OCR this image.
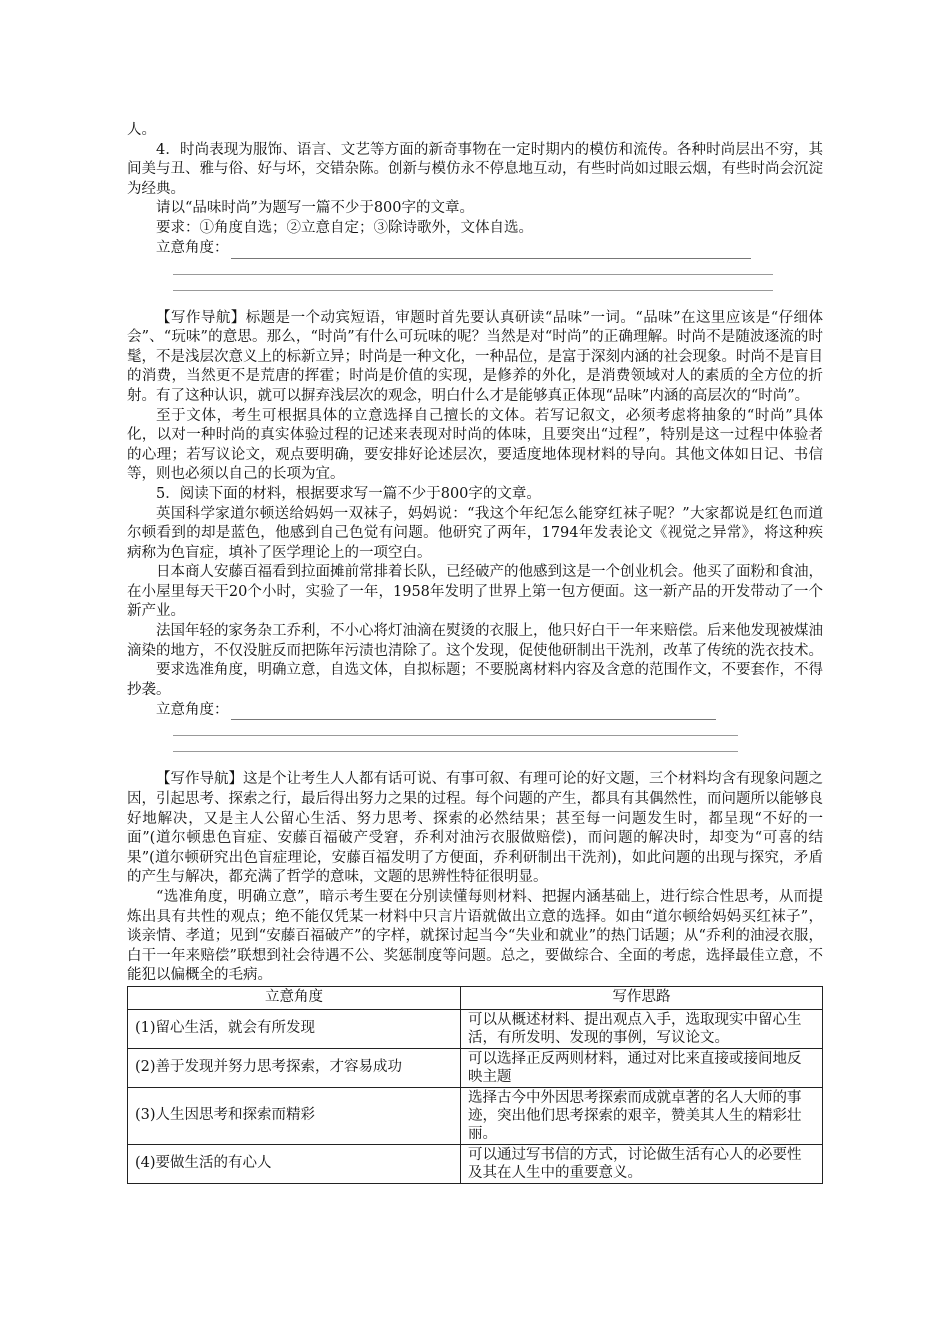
人。

4．时尚表现为服饰、语言、文艺等方面的新奇事物在一定时期内的模仿和流传。各种时尚层出不穷，其间美与丑、雅与俗、好与坏，交错杂陈。创新与模仿永不停息地互动，有些时尚如过眼云烟，有些时尚会沉淀为经典。

请以“品味时尚”为题写一篇不少于800字的文章。

要求：①角度自选；②立意自定；③除诗歌外，文体自选。

立意角度：

【写作导航】标题是一个动宾短语，审题时首先要认真研读“品味”一词。“品味”在这里应该是“仔细体会”、“玩味”的意思。那么，“时尚”有什么可玩味的呢？当然是对“时尚”的正确理解。时尚不是随波逐流的时髦，不是浅层次意义上的标新立异；时尚是一种文化，一种品位，是富于深刻内涵的社会现象。时尚不是盲目的消费，当然更不是荒唐的挥霍；时尚是价值的实现，是修养的外化，是消费领域对人的素质的全方位的折射。有了这种认识，就可以摒弃浅层次的观念，明白什么才是能够真正体现“品味”内涵的高层次的“时尚”。

至于文体，考生可根据具体的立意选择自己擅长的文体。若写记叙文，必须考虑将抽象的“时尚”具体化，以对一种时尚的真实体验过程的记述来表现对时尚的体味，且要突出“过程”，特别是这一过程中体验者的心理；若写议论文，观点要明确，要安排好论述层次，要适度地体现材料的导向。其他文体如日记、书信等，则也必须以自己的长项为宜。

5．阅读下面的材料，根据要求写一篇不少于800字的文章。

英国科学家道尔顿送给妈妈一双袜子，妈妈说：“我这个年纪怎么能穿红袜子呢？”大家都说是红色而道尔顿看到的却是蓝色，他感到自己色觉有问题。他研究了两年，1794年发表论文《视觉之异常》，将这种疾病称为色盲症，填补了医学理论上的一项空白。

日本商人安藤百福看到拉面摊前常排着长队，已经破产的他感到这是一个创业机会。他买了面粉和食油，在小屋里每天干20个小时，实验了一年，1958年发明了世界上第一包方便面。这一新产品的开发带动了一个新产业。

法国年轻的家务杂工乔利，不小心将灯油滴在熨烫的衣服上，他只好白干一年来赔偿。后来他发现被煤油滴染的地方，不仅没脏反而把陈年污渍也清除了。这个发现，促使他研制出干洗剂，改革了传统的洗衣技术。

要求选准角度，明确立意，自选文体，自拟标题；不要脱离材料内容及含意的范围作文，不要套作，不得抄袭。

立意角度：

【写作导航】这是个让考生人人都有话可说、有事可叙、有理可论的好文题，三个材料均含有现象问题之因，引起思考、探索之行，最后得出努力之果的过程。每个问题的产生，都具有其偶然性，而问题所以能够良好地解决，又是主人公留心生活、努力思考、探索的必然结果；甚至每一问题发生时，都呈现“不好的一面”(道尔顿患色盲症、安藤百福破产受窘，乔利对油污衣服做赔偿)，而问题的解决时，却变为“可喜的结果”(道尔顿研究出色盲症理论，安藤百福发明了方便面，乔利研制出干洗剂)，如此问题的出现与探究，矛盾的产生与解决，都充满了哲学的意味，文题的思辨性特征很明显。

“选准角度，明确立意”，暗示考生要在分别读懂每则材料、把握内涵基础上，进行综合性思考，从而提炼出具有共性的观点；绝不能仅凭某一材料中只言片语就做出立意的选择。如由“道尔顿给妈妈买红袜子”，谈亲情、孝道；见到“安藤百福破产”的字样，就探讨起当今“失业和就业”的热门话题；从“乔利的油浸衣服，白干一年来赔偿”联想到社会待遇不公、奖惩制度等问题。总之，要做综合、全面的考虑，选择最佳立意，不能犯以偏概全的毛病。

立意角度	写作思路
(1)留心生活，就会有所发现	可以从概述材料、提出观点入手，选取现实中留心生活，有所发明、发现的事例，写议论文。
(2)善于发现并努力思考探索，才容易成功	可以选择正反两则材料，通过对比来直接或接间地反映主题
(3)人生因思考和探索而精彩	选择古今中外因思考探索而成就卓著的名人大师的事迹，突出他们思考探索的艰辛，赞美其人生的精彩壮丽。
(4)要做生活的有心人	可以通过写书信的方式，讨论做生活有心人的必要性及其在人生中的重要意义。
